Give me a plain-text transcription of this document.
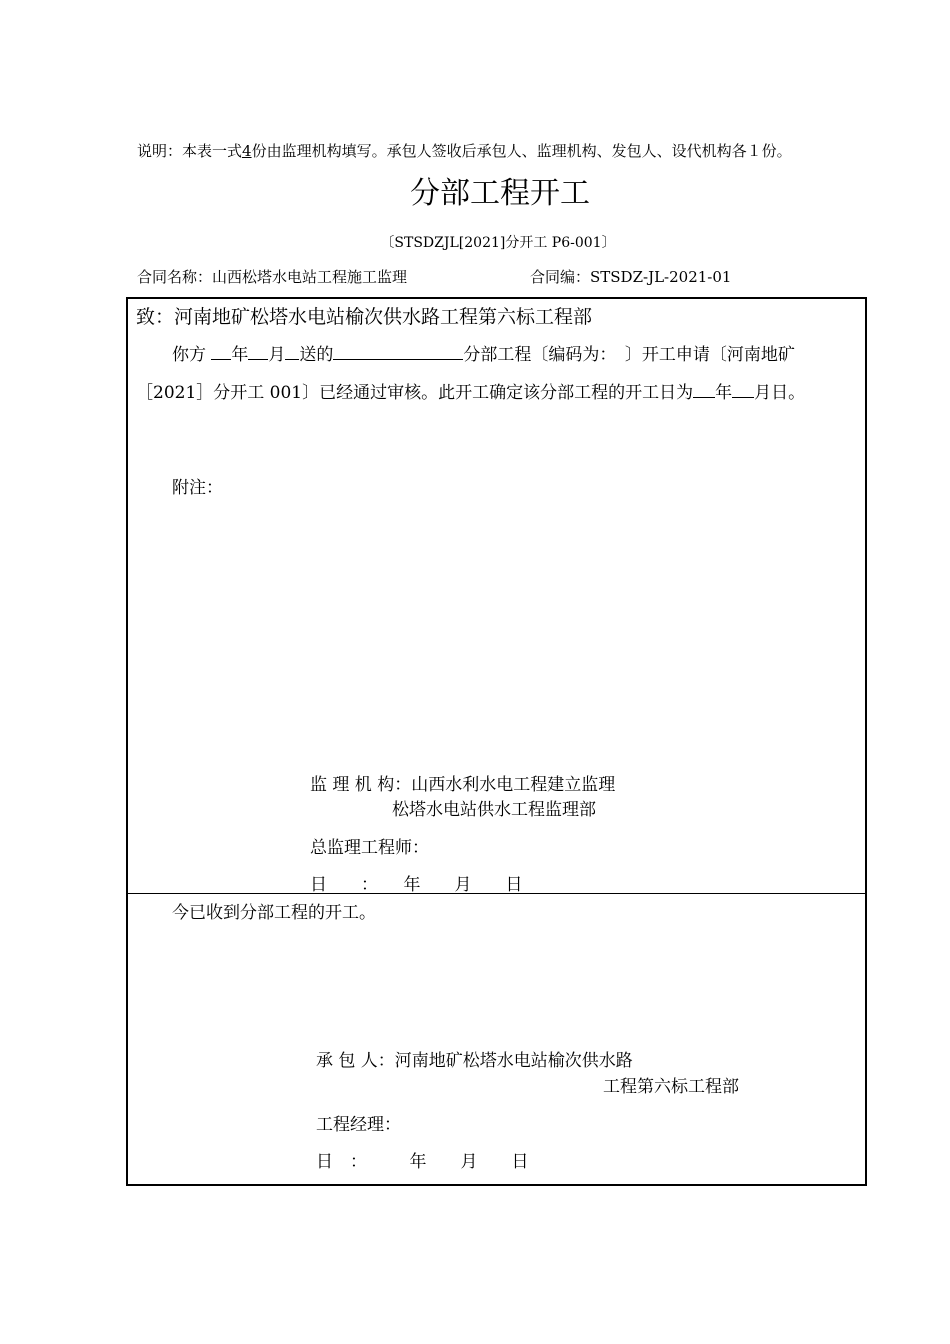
说明：本表一式4份由监理机构填写。承包人签收后承包人、监理机构、发包人、设代机构各１份。
分部工程开工
〔STSDZJL[2021]分开工 P6-001〕
合同名称：山西松塔水电站工程施工监理	合同编：STSDZ-JL-2021-01
致：河南地矿松塔水电站榆次供水路工程第六标工程部
你方 年 月 送的	分部工程〔编码为：　〕开工申请〔河南地矿［2021］分开工 001〕已经通过审核。此开工确定该分部工程的开工日为 年 月日。
附注：
监 理 机 构：山西水利水电工程建立监理
松塔水电站供水工程监理部
总监理工程师：
日　　：　　年　　月　　日
今已收到分部工程的开工。
承 包 人：河南地矿松塔水电站榆次供水路
工程第六标工程部
工程经理：
日　：　　　年　　月　　日
